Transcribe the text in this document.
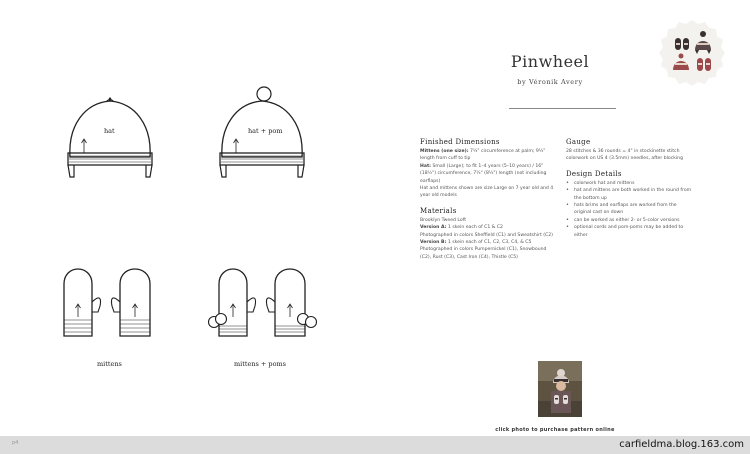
hat	hat + pom
mittens	mittens + poms
Pinwheel
by Véronik Avery
Finished Dimensions

Mittens (one size): 7¼" circumference at palm; 9¼" length from cuff to tip

Hat: Small (Large); to fit 1–4 years (5–10 years) / 16" (18½") circumference, 7¼" (8¼") length (not including earflaps)

Hat and mittens shown are size Large on 7 year old and 4 year old models

Materials

Brooklyn Tweed Loft

Version A: 1 skein each of C1 & C2

Photographed in colors Sheffield (C1) and Sweatshirt (C2)

Version B: 1 skein each of C1, C2, C3, C4, & C5

Photographed in colors Pumpernickel (C1), Snowbound (C2), Rust (C3), Cast Iron (C4), Thistle (C5)

Gauge

28 stitches & 36 rounds = 4" in stockinette stitch colorwork on US 4 (3.5mm) needles, after blocking

Design Details
• colorwork hat and mittens
• hat and mittens are both worked in the round from the bottom up
• hats brims and earflaps are worked from the original cast on down
• can be worked as either 2- or 5-color versions
• optional cords and pom-poms may be added to either
click photo to purchase pattern online
p4	carfieldma.blog.163.com
